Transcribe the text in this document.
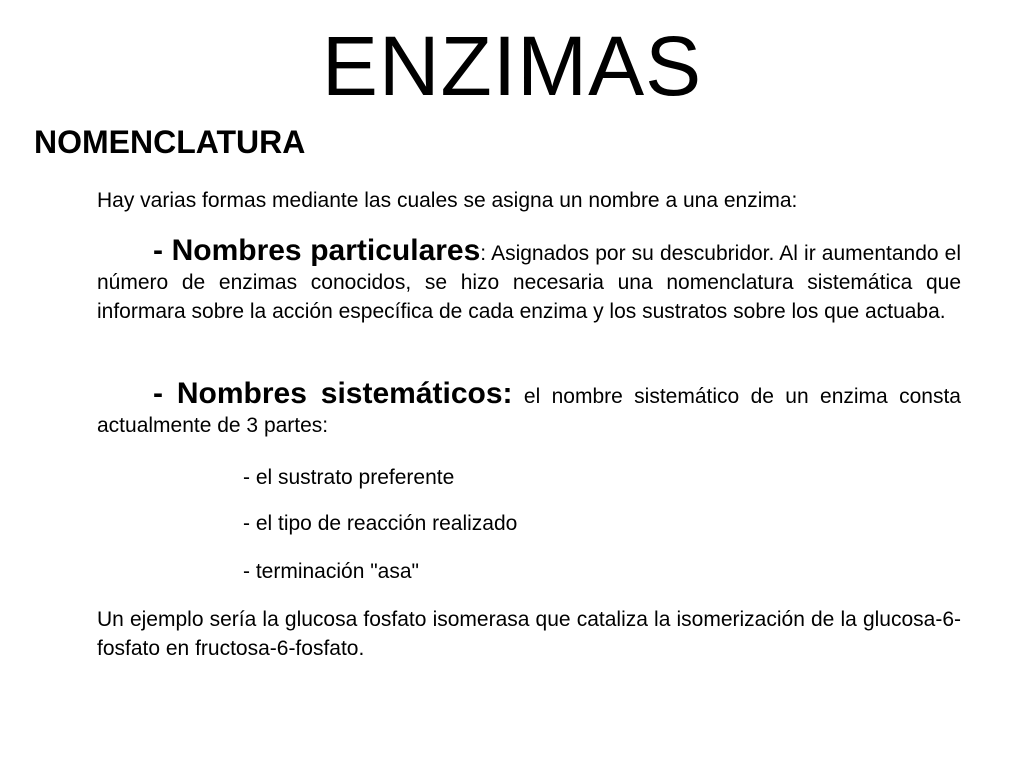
ENZIMAS
NOMENCLATURA
Hay varias formas mediante las cuales se asigna un nombre a una enzima:
- Nombres particulares: Asignados por su descubridor. Al ir aumentando el número de enzimas conocidos, se hizo necesaria una nomenclatura sistemática que informara sobre la acción específica de cada enzima y los sustratos sobre los que actuaba.
- Nombres sistemáticos: el nombre sistemático de un enzima consta actualmente de 3 partes:
- el sustrato preferente
- el tipo de reacción realizado
- terminación "asa"
Un ejemplo sería la glucosa fosfato isomerasa que cataliza la isomerización de la glucosa-6-fosfato en fructosa-6-fosfato.
